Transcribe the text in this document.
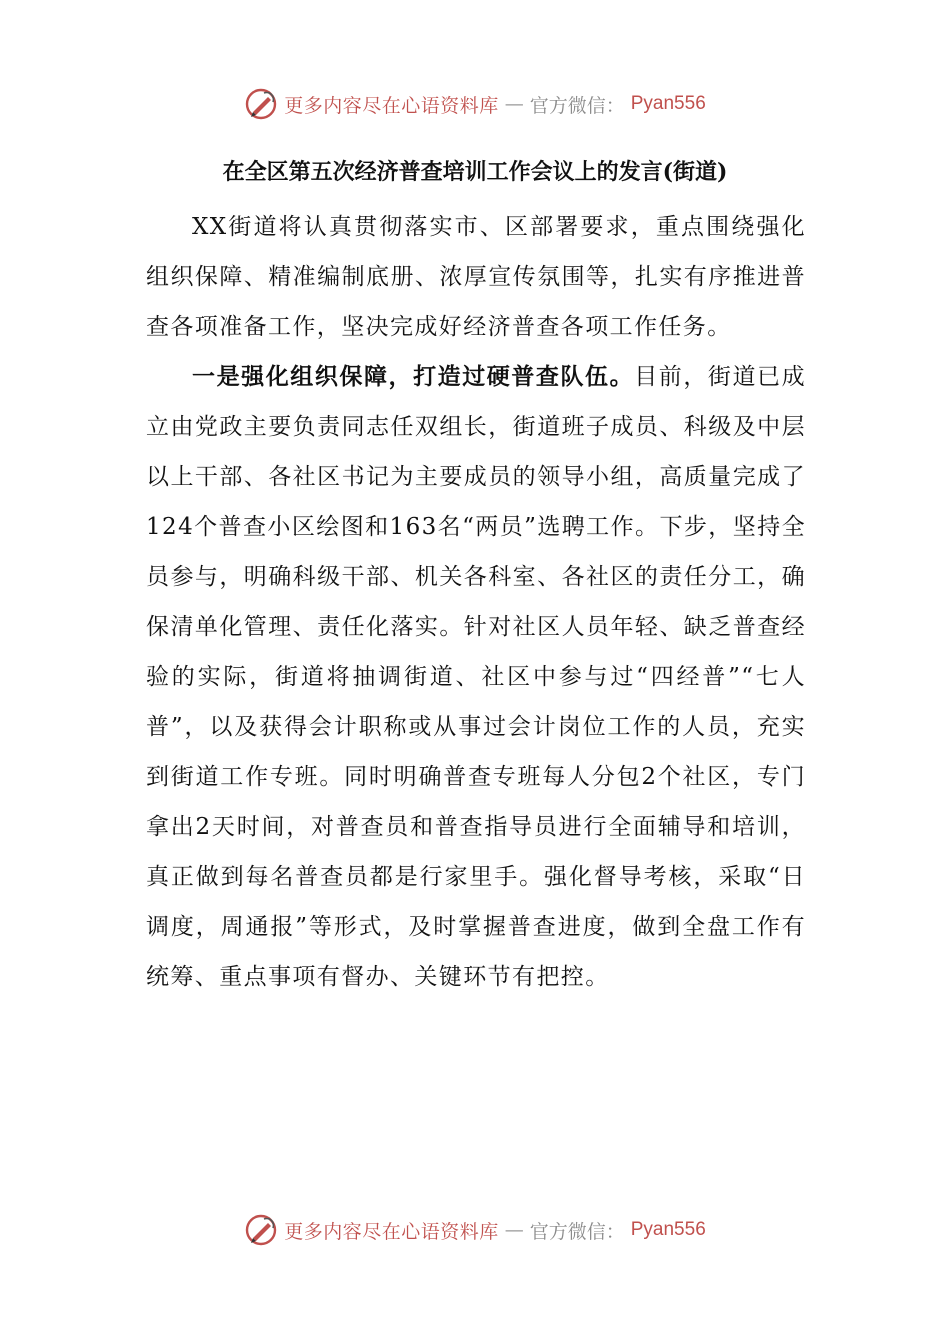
更多内容尽在心语资料库 — 官方微信： Pyan556
在全区第五次经济普查培训工作会议上的发言(街道)

XX街道将认真贯彻落实市、区部署要求，重点围绕强化组织保障、精准编制底册、浓厚宣传氛围等，扎实有序推进普查各项准备工作，坚决完成好经济普查各项工作任务。

一是强化组织保障，打造过硬普查队伍。目前，街道已成立由党政主要负责同志任双组长，街道班子成员、科级及中层以上干部、各社区书记为主要成员的领导小组，高质量完成了124个普查小区绘图和163名“两员”选聘工作。下步，坚持全员参与，明确科级干部、机关各科室、各社区的责任分工，确保清单化管理、责任化落实。针对社区人员年轻、缺乏普查经验的实际，街道将抽调街道、社区中参与过“四经普”“七人普”，以及获得会计职称或从事过会计岗位工作的人员，充实到街道工作专班。同时明确普查专班每人分包2个社区，专门拿出2天时间，对普查员和普查指导员进行全面辅导和培训，真正做到每名普查员都是行家里手。强化督导考核，采取“日调度，周通报”等形式，及时掌握普查进度，做到全盘工作有统筹、重点事项有督办、关键环节有把控。

更多内容尽在心语资料库 — 官方微信： Pyan556
